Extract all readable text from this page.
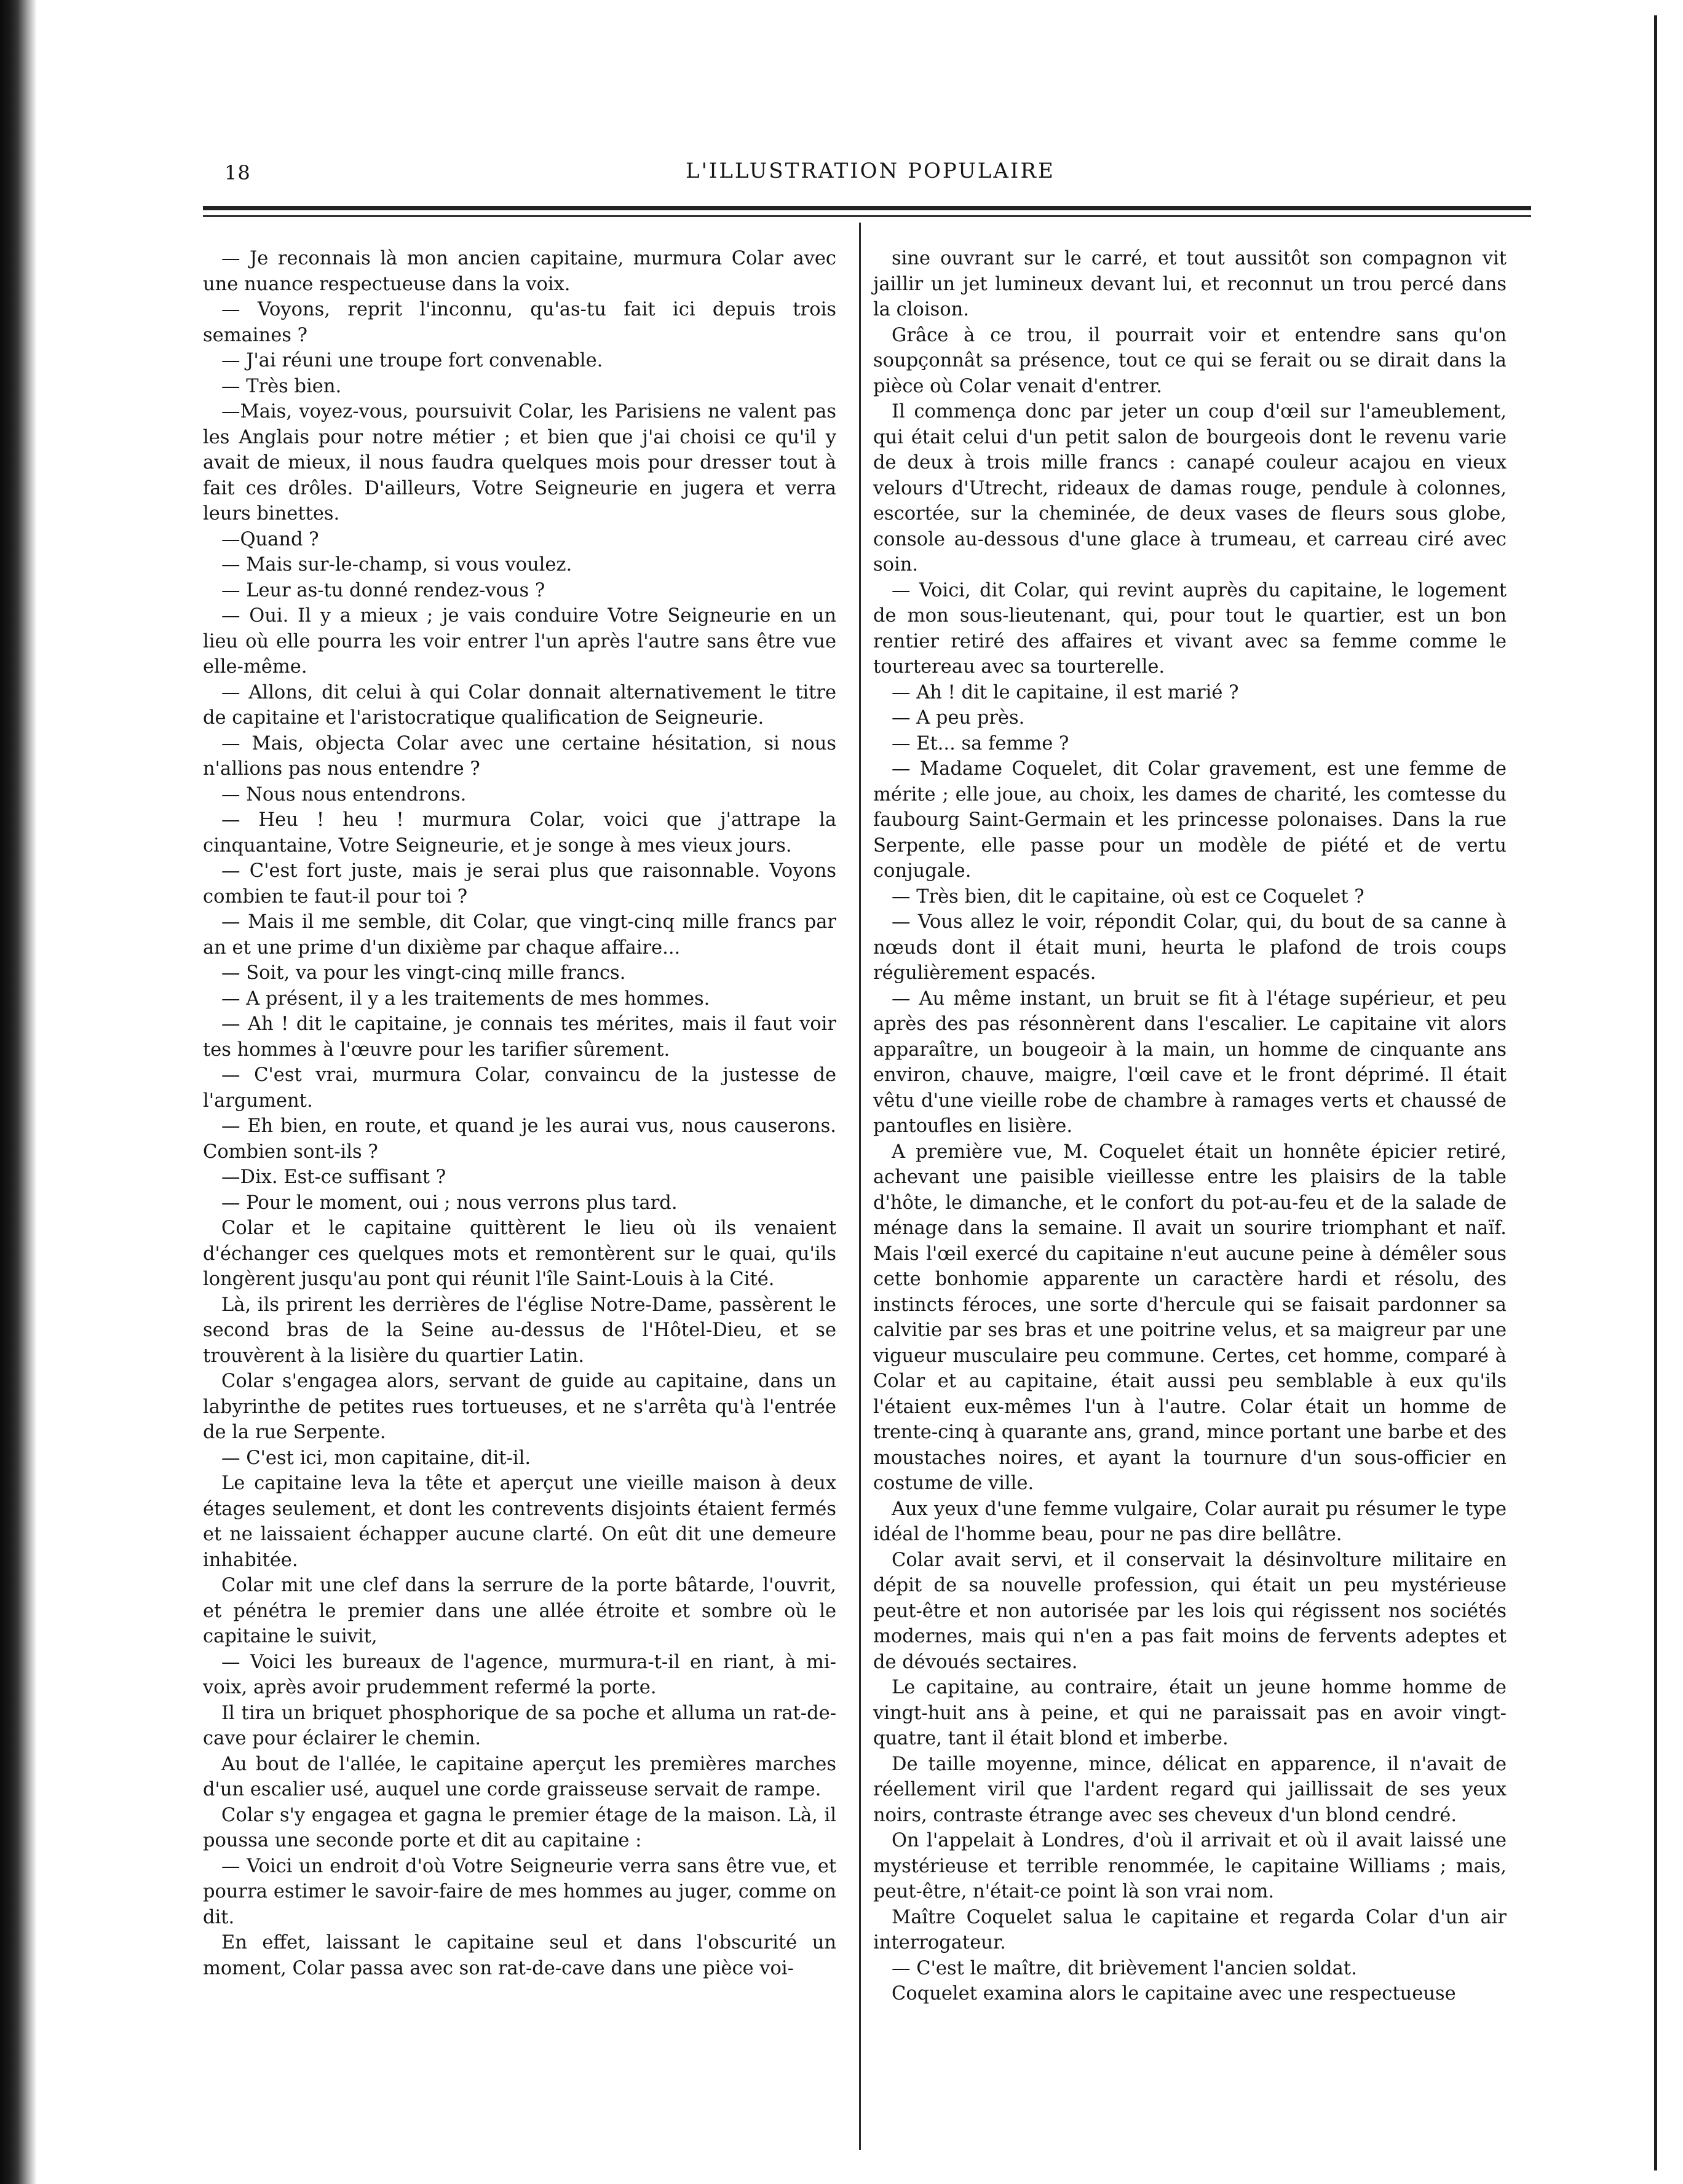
18	L'ILLUSTRATION POPULAIRE

— Je reconnais là mon ancien capitaine, murmura Colar avec une nuance respectueuse dans la voix.

— Voyons, reprit l'inconnu, qu'as-tu fait ici depuis trois semaines ?

— J'ai réuni une troupe fort convenable.

— Très bien.

—Mais, voyez-vous, poursuivit Colar, les Parisiens ne valent pas les Anglais pour notre métier ; et bien que j'ai choisi ce qu'il y avait de mieux, il nous faudra quelques mois pour dresser tout à fait ces drôles. D'ailleurs, Votre Seigneurie en jugera et verra leurs binettes.

—Quand ?

— Mais sur-le-champ, si vous voulez.

— Leur as-tu donné rendez-vous ?

— Oui. Il y a mieux ; je vais conduire Votre Seigneurie en un lieu où elle pourra les voir entrer l'un après l'autre sans être vue elle-même.

— Allons, dit celui à qui Colar donnait alternativement le titre de capitaine et l'aristocratique qualification de Seigneurie.

— Mais, objecta Colar avec une certaine hésitation, si nous n'allions pas nous entendre ?

— Nous nous entendrons.

— Heu ! heu ! murmura Colar, voici que j'attrape la cinquantaine, Votre Seigneurie, et je songe à mes vieux jours.

— C'est fort juste, mais je serai plus que raisonnable. Voyons combien te faut-il pour toi ?

— Mais il me semble, dit Colar, que vingt-cinq mille francs par an et une prime d'un dixième par chaque affaire...

— Soit, va pour les vingt-cinq mille francs.

— A présent, il y a les traitements de mes hommes.

— Ah ! dit le capitaine, je connais tes mérites, mais il faut voir tes hommes à l'œuvre pour les tarifier sûrement.

— C'est vrai, murmura Colar, convaincu de la justesse de l'argument.

— Eh bien, en route, et quand je les aurai vus, nous causerons. Combien sont-ils ?

—Dix. Est-ce suffisant ?

— Pour le moment, oui ; nous verrons plus tard.

Colar et le capitaine quittèrent le lieu où ils venaient d'échanger ces quelques mots et remontèrent sur le quai, qu'ils longèrent jusqu'au pont qui réunit l'île Saint-Louis à la Cité.

Là, ils prirent les derrières de l'église Notre-Dame, passèrent le second bras de la Seine au-dessus de l'Hôtel-Dieu, et se trouvèrent à la lisière du quartier Latin.

Colar s'engagea alors, servant de guide au capitaine, dans un labyrinthe de petites rues tortueuses, et ne s'arrêta qu'à l'entrée de la rue Serpente.

— C'est ici, mon capitaine, dit-il.

Le capitaine leva la tête et aperçut une vieille maison à deux étages seulement, et dont les contrevents disjoints étaient fermés et ne laissaient échapper aucune clarté. On eût dit une demeure inhabitée.

Colar mit une clef dans la serrure de la porte bâtarde, l'ouvrit, et pénétra le premier dans une allée étroite et sombre où le capitaine le suivit,

— Voici les bureaux de l'agence, murmura-t-il en riant, à mi-voix, après avoir prudemment refermé la porte.

Il tira un briquet phosphorique de sa poche et alluma un rat-de-cave pour éclairer le chemin.

Au bout de l'allée, le capitaine aperçut les premières marches d'un escalier usé, auquel une corde graisseuse servait de rampe.

Colar s'y engagea et gagna le premier étage de la maison. Là, il poussa une seconde porte et dit au capitaine :

— Voici un endroit d'où Votre Seigneurie verra sans être vue, et pourra estimer le savoir-faire de mes hommes au juger, comme on dit.

En effet, laissant le capitaine seul et dans l'obscurité un moment, Colar passa avec son rat-de-cave dans une pièce voi-

sine ouvrant sur le carré, et tout aussitôt son compagnon vit jaillir un jet lumineux devant lui, et reconnut un trou percé dans la cloison.

Grâce à ce trou, il pourrait voir et entendre sans qu'on soupçonnât sa présence, tout ce qui se ferait ou se dirait dans la pièce où Colar venait d'entrer.

Il commença donc par jeter un coup d'œil sur l'ameublement, qui était celui d'un petit salon de bourgeois dont le revenu varie de deux à trois mille francs : canapé couleur acajou en vieux velours d'Utrecht, rideaux de damas rouge, pendule à colonnes, escortée, sur la cheminée, de deux vases de fleurs sous globe, console au-dessous d'une glace à trumeau, et carreau ciré avec soin.

— Voici, dit Colar, qui revint auprès du capitaine, le logement de mon sous-lieutenant, qui, pour tout le quartier, est un bon rentier retiré des affaires et vivant avec sa femme comme le tourtereau avec sa tourterelle.

— Ah ! dit le capitaine, il est marié ?

— A peu près.

— Et... sa femme ?

— Madame Coquelet, dit Colar gravement, est une femme de mérite ; elle joue, au choix, les dames de charité, les comtesse du faubourg Saint-Germain et les princesse polonaises. Dans la rue Serpente, elle passe pour un modèle de piété et de vertu conjugale.

— Très bien, dit le capitaine, où est ce Coquelet ?

— Vous allez le voir, répondit Colar, qui, du bout de sa canne à nœuds dont il était muni, heurta le plafond de trois coups régulièrement espacés.

— Au même instant, un bruit se fit à l'étage supérieur, et peu après des pas résonnèrent dans l'escalier. Le capitaine vit alors apparaître, un bougeoir à la main, un homme de cinquante ans environ, chauve, maigre, l'œil cave et le front déprimé. Il était vêtu d'une vieille robe de chambre à ramages verts et chaussé de pantoufles en lisière.

A première vue, M. Coquelet était un honnête épicier retiré, achevant une paisible vieillesse entre les plaisirs de la table d'hôte, le dimanche, et le confort du pot-au-feu et de la salade de ménage dans la semaine. Il avait un sourire triomphant et naïf. Mais l'œil exercé du capitaine n'eut aucune peine à démêler sous cette bonhomie apparente un caractère hardi et résolu, des instincts féroces, une sorte d'hercule qui se faisait pardonner sa calvitie par ses bras et une poitrine velus, et sa maigreur par une vigueur musculaire peu commune. Certes, cet homme, comparé à Colar et au capitaine, était aussi peu semblable à eux qu'ils l'étaient eux-mêmes l'un à l'autre. Colar était un homme de trente-cinq à quarante ans, grand, mince portant une barbe et des moustaches noires, et ayant la tournure d'un sous-officier en costume de ville.

Aux yeux d'une femme vulgaire, Colar aurait pu résumer le type idéal de l'homme beau, pour ne pas dire bellâtre.

Colar avait servi, et il conservait la désinvolture militaire en dépit de sa nouvelle profession, qui était un peu mystérieuse peut-être et non autorisée par les lois qui régissent nos sociétés modernes, mais qui n'en a pas fait moins de fervents adeptes et de dévoués sectaires.

Le capitaine, au contraire, était un jeune homme homme de vingt-huit ans à peine, et qui ne paraissait pas en avoir vingt-quatre, tant il était blond et imberbe.

De taille moyenne, mince, délicat en apparence, il n'avait de réellement viril que l'ardent regard qui jaillissait de ses yeux noirs, contraste étrange avec ses cheveux d'un blond cendré.

On l'appelait à Londres, d'où il arrivait et où il avait laissé une mystérieuse et terrible renommée, le capitaine Williams ; mais, peut-être, n'était-ce point là son vrai nom.

Maître Coquelet salua le capitaine et regarda Colar d'un air interrogateur.

— C'est le maître, dit brièvement l'ancien soldat.

Coquelet examina alors le capitaine avec une respectueuse
